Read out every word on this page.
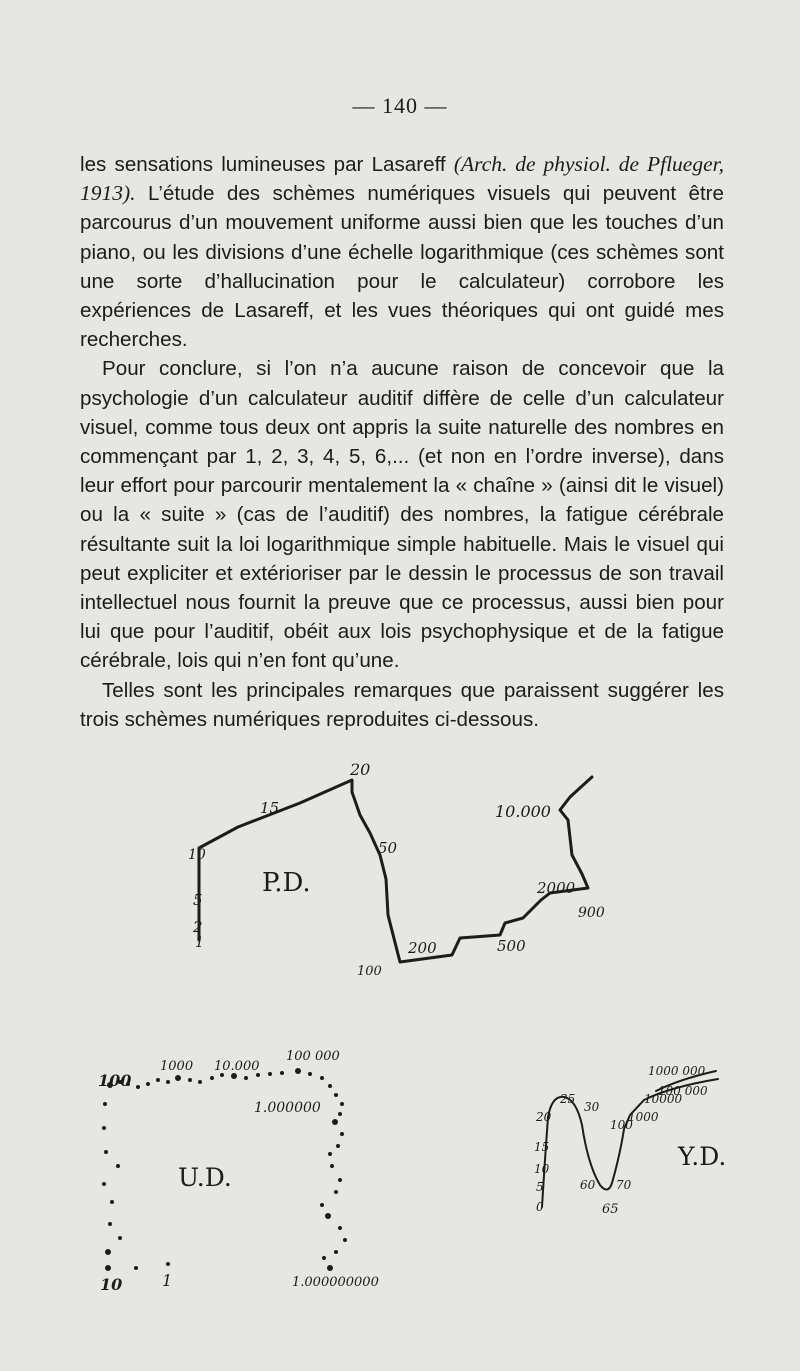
— 140 —

les sensations lumineuses par Lasareff (Arch. de physiol. de Pflueger, 1913). L’étude des schèmes numériques visuels qui peuvent être parcourus d’un mouvement uniforme aussi bien que les touches d’un piano, ou les divisions d’une échelle logarithmique (ces schèmes sont une sorte d’hallucination pour le calculateur) corrobore les expériences de Lasareff, et les vues théoriques qui ont guidé mes recherches.

Pour conclure, si l’on n’a aucune raison de concevoir que la psychologie d’un calculateur auditif diffère de celle d’un calculateur visuel, comme tous deux ont appris la suite naturelle des nombres en commençant par 1, 2, 3, 4, 5, 6,... (et non en l’ordre inverse), dans leur effort pour parcourir mentalement la « chaîne » (ainsi dit le visuel) ou la « suite » (cas de l’auditif) des nombres, la fatigue cérébrale résultante suit la loi logarithmique simple habituelle. Mais le visuel qui peut expliciter et extérioriser par le dessin le processus de son travail intellectuel nous fournit la preuve que ce processus, aussi bien pour lui que pour l’auditif, obéit aux lois psychophysique et de la fatigue cérébrale, lois qui n’en font qu’une.

Telles sont les principales remarques que paraissent suggérer les trois schèmes numériques reproduites ci-dessous.

P.D.
20
15
10
5
2
1
50
100
200	500
900
2000
10.000
U.D.
100
1000 10.000
100 000
1.000000
1.000000000
10 1
Y.D.
0
5
10
15
20
25
30
60
65
70
100
1000
10000
100 000
1000 000
